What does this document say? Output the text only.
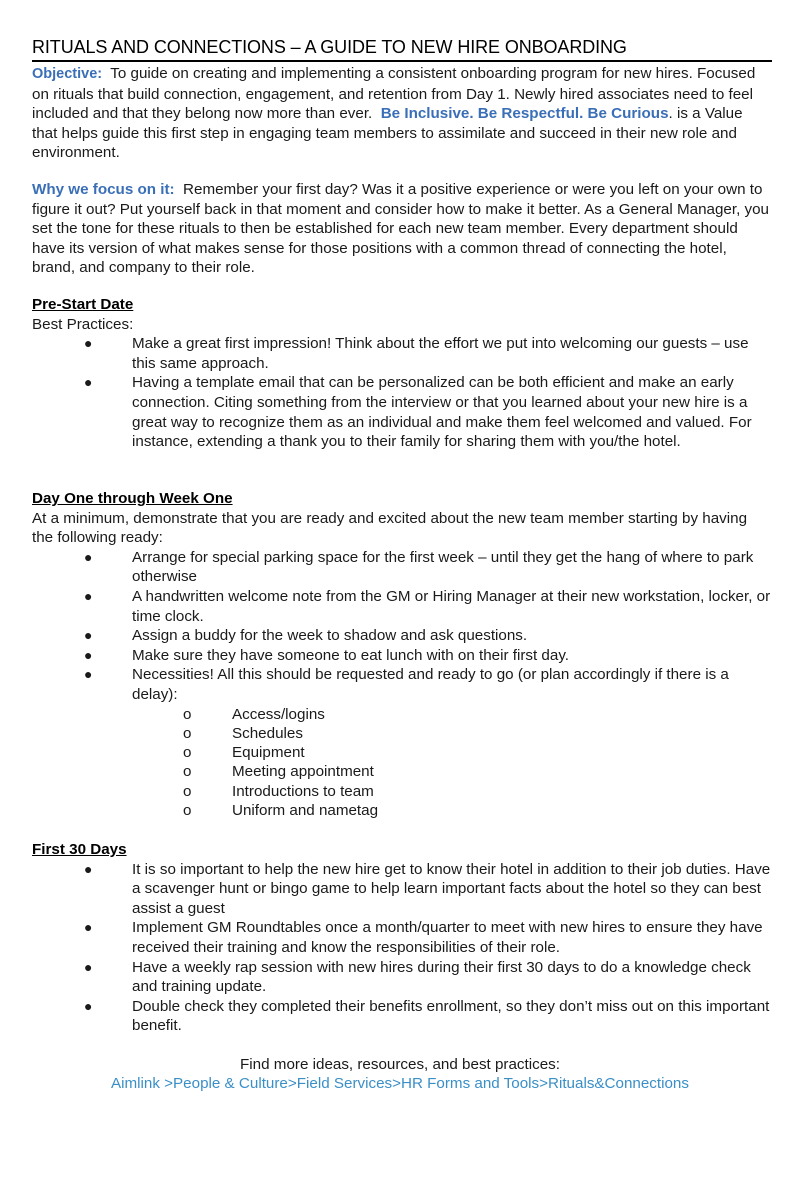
RITUALS AND CONNECTIONS – A GUIDE TO NEW HIRE ONBOARDING
Objective: To guide on creating and implementing a consistent onboarding program for new hires. Focused on rituals that build connection, engagement, and retention from Day 1. Newly hired associates need to feel included and that they belong now more than ever. Be Inclusive. Be Respectful. Be Curious. is a Value that helps guide this first step in engaging team members to assimilate and succeed in their new role and environment.
Why we focus on it: Remember your first day? Was it a positive experience or were you left on your own to figure it out? Put yourself back in that moment and consider how to make it better. As a General Manager, you set the tone for these rituals to then be established for each new team member. Every department should have its version of what makes sense for those positions with a common thread of connecting the hotel, brand, and company to their role.
Pre-Start Date
Best Practices:
●	Make a great first impression! Think about the effort we put into welcoming our guests – use this same approach.
●	Having a template email that can be personalized can be both efficient and make an early connection. Citing something from the interview or that you learned about your new hire is a great way to recognize them as an individual and make them feel welcomed and valued. For instance, extending a thank you to their family for sharing them with you/the hotel.
Day One through Week One
At a minimum, demonstrate that you are ready and excited about the new team member starting by having the following ready:
●	Arrange for special parking space for the first week – until they get the hang of where to park otherwise
●	A handwritten welcome note from the GM or Hiring Manager at their new workstation, locker, or time clock.
●	Assign a buddy for the week to shadow and ask questions.
●	Make sure they have someone to eat lunch with on their first day.
●	Necessities! All this should be requested and ready to go (or plan accordingly if there is a delay):
o	Access/logins
o	Schedules
o	Equipment
o	Meeting appointment
o	Introductions to team
o	Uniform and nametag
First 30 Days
●	It is so important to help the new hire get to know their hotel in addition to their job duties. Have a scavenger hunt or bingo game to help learn important facts about the hotel so they can best assist a guest
●	Implement GM Roundtables once a month/quarter to meet with new hires to ensure they have received their training and know the responsibilities of their role.
●	Have a weekly rap session with new hires during their first 30 days to do a knowledge check and training update.
●	Double check they completed their benefits enrollment, so they don’t miss out on this important benefit.
Find more ideas, resources, and best practices:
Aimlink >People & Culture>Field Services>HR Forms and Tools>Rituals&Connections
